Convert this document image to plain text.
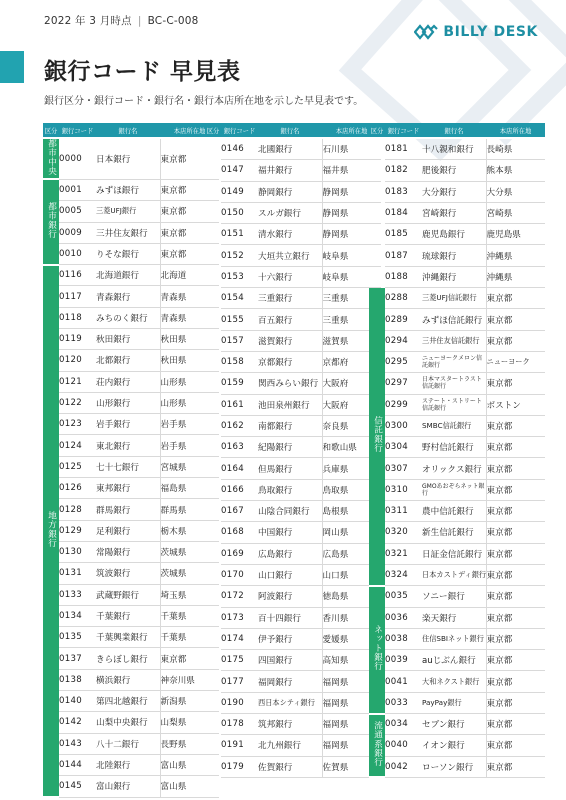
2022 年 3 月時点 | BC-C-008
BILLY DESK
銀行コード 早見表
銀行区分・銀行コード・銀行名・銀行本店所在地を示した早見表です。
区分	銀行コード	銀行名	本店所在地
都市中央	0000	日本銀行	東京都
都市銀行	0001	みずほ銀行	東京都
	0005	三菱UFJ銀行	東京都
	0009	三井住友銀行	東京都
	0010	りそな銀行	東京都
地方銀行	0116	北海道銀行	北海道
	0117	青森銀行	青森県
	0118	みちのく銀行	青森県
	0119	秋田銀行	秋田県
	0120	北都銀行	秋田県
	0121	荘内銀行	山形県
	0122	山形銀行	山形県
	0123	岩手銀行	岩手県
	0124	東北銀行	岩手県
	0125	七十七銀行	宮城県
	0126	東邦銀行	福島県
	0128	群馬銀行	群馬県
	0129	足利銀行	栃木県
	0130	常陽銀行	茨城県
	0131	筑波銀行	茨城県
	0133	武蔵野銀行	埼玉県
	0134	千葉銀行	千葉県
	0135	千葉興業銀行	千葉県
	0137	きらぼし銀行	東京都
	0138	横浜銀行	神奈川県
	0140	第四北越銀行	新潟県
	0142	山梨中央銀行	山梨県
	0143	八十二銀行	長野県
	0144	北陸銀行	富山県
	0145	富山銀行	富山県
区分	銀行コード	銀行名	本店所在地
	0146	北國銀行	石川県
	0147	福井銀行	福井県
	0149	静岡銀行	静岡県
	0150	スルガ銀行	静岡県
	0151	清水銀行	静岡県
	0152	大垣共立銀行	岐阜県
	0153	十六銀行	岐阜県
	0154	三重銀行	三重県
	0155	百五銀行	三重県
	0157	滋賀銀行	滋賀県
	0158	京都銀行	京都府
	0159	関西みらい銀行	大阪府
	0161	池田泉州銀行	大阪府
	0162	南都銀行	奈良県
	0163	紀陽銀行	和歌山県
	0164	但馬銀行	兵庫県
	0166	鳥取銀行	鳥取県
	0167	山陰合同銀行	島根県
	0168	中国銀行	岡山県
	0169	広島銀行	広島県
	0170	山口銀行	山口県
	0172	阿波銀行	徳島県
	0173	百十四銀行	香川県
	0174	伊予銀行	愛媛県
	0175	四国銀行	高知県
	0177	福岡銀行	福岡県
	0190	西日本シティ銀行	福岡県
	0178	筑邦銀行	福岡県
	0191	北九州銀行	福岡県
	0179	佐賀銀行	佐賀県
区分	銀行コード	銀行名	本店所在地
	0181	十八親和銀行	長崎県
	0182	肥後銀行	熊本県
	0183	大分銀行	大分県
	0184	宮崎銀行	宮崎県
	0185	鹿児島銀行	鹿児島県
	0187	琉球銀行	沖縄県
	0188	沖縄銀行	沖縄県
信託銀行	0288	三菱UFJ信託銀行	東京都
	0289	みずほ信託銀行	東京都
	0294	三井住友信託銀行	東京都
	0295	ニューヨークメロン信託銀行	ニューヨーク
	0297	日本マスタートラスト信託銀行	東京都
	0299	ステート・ストリート信託銀行	ボストン
	0300	SMBC信託銀行	東京都
	0304	野村信託銀行	東京都
	0307	オリックス銀行	東京都
	0310	GMOあおぞらネット銀行	東京都
	0311	農中信託銀行	東京都
	0320	新生信託銀行	東京都
	0321	日証金信託銀行	東京都
	0324	日本カストディ銀行	東京都
ネット銀行	0035	ソニー銀行	東京都
	0036	楽天銀行	東京都
	0038	住信SBIネット銀行	東京都
	0039	auじぶん銀行	東京都
	0041	大和ネクスト銀行	東京都
	0033	PayPay銀行	東京都
流通系銀行	0034	セブン銀行	東京都
	0040	イオン銀行	東京都
	0042	ローソン銀行	東京都
